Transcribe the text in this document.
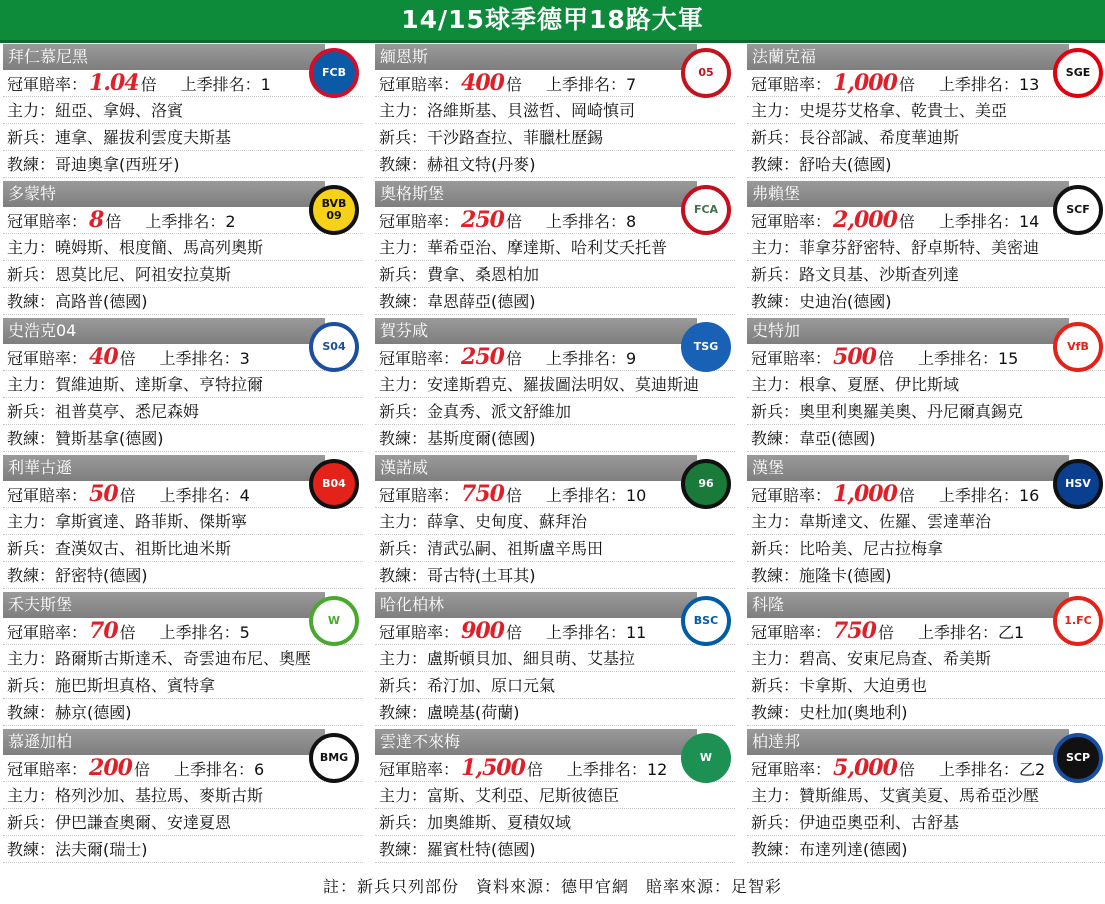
14/15球季德甲18路大軍
拜仁慕尼黑
冠軍賠率：1.04 倍 上季排名：1
主力：紐亞、拿姆、洛賓
新兵：連拿、羅拔利雲度夫斯基
教練：哥迪奧拿(西班牙)
FCB
多蒙特
冠軍賠率：8 倍 上季排名：2
主力：曉姆斯、根度簡、馬高列奧斯
新兵：恩莫比尼、阿祖安拉莫斯
教練：高路普(德國)
BVB 09
史浩克04
冠軍賠率：40 倍 上季排名：3
主力：賀維迪斯、達斯拿、亨特拉爾
新兵：祖普莫亭、悉尼森姆
教練：贊斯基拿(德國)
S04
利華古遜
冠軍賠率：50 倍 上季排名：4
主力：拿斯賓達、路菲斯、傑斯寧
新兵：查漢奴古、祖斯比迪米斯
教練：舒密特(德國)
B04
禾夫斯堡
冠軍賠率：70 倍 上季排名：5
主力：路爾斯古斯達禾、奇雲迪布尼、奧壓
新兵：施巴斯坦真格、賓特拿
教練：赫京(德國)
W
慕遜加柏
冠軍賠率：200 倍 上季排名：6
主力：格列沙加、基拉馬、麥斯古斯
新兵：伊巴謙查奧爾、安達夏恩
教練：法夫爾(瑞士)
BMG
緬恩斯
冠軍賠率：400 倍 上季排名：7
主力：洛維斯基、貝滋哲、岡崎慎司
新兵：干沙路查拉、菲臘杜歷錫
教練：赫祖文特(丹麥)
05
奧格斯堡
冠軍賠率：250 倍 上季排名：8
主力：華希亞治、摩達斯、哈利艾夭托普
新兵：費拿、桑恩柏加
教練：韋恩薛亞(德國)
FCA
賀芬咸
冠軍賠率：250 倍 上季排名：9
主力：安達斯碧克、羅拔圖法明奴、莫迪斯迪
新兵：金真秀、派文舒維加
教練：基斯度爾(德國)
TSG
漢諾威
冠軍賠率：750 倍 上季排名：10
主力：薛拿、史甸度、蘇拜治
新兵：清武弘嗣、祖斯盧辛馬田
教練：哥古特(土耳其)
96
哈化柏林
冠軍賠率：900 倍 上季排名：11
主力：盧斯頓貝加、細貝萌、艾基拉
新兵：希汀加、原口元氣
教練：盧曉基(荷蘭)
BSC
雲達不來梅
冠軍賠率：1,500 倍 上季排名：12
主力：富斯、艾利亞、尼斯彼德臣
新兵：加奧維斯、夏積奴域
教練：羅賓杜特(德國)
W
法蘭克福
冠軍賠率：1,000 倍 上季排名：13
主力：史堤芬艾格拿、乾貴士、美亞
新兵：長谷部誠、希度華迪斯
教練：舒哈夫(德國)
SGE
弗賴堡
冠軍賠率：2,000 倍 上季排名：14
主力：菲拿芬舒密特、舒卓斯特、美密迪
新兵：路文貝基、沙斯查列達
教練：史迪治(德國)
SCF
史特加
冠軍賠率：500 倍 上季排名：15
主力：根拿、夏歷、伊比斯域
新兵：奧里利奧羅美奧、丹尼爾真錫克
教練：韋亞(德國)
VfB
漢堡
冠軍賠率：1,000 倍 上季排名：16
主力：韋斯達文、佐羅、雲達華治
新兵：比哈美、尼古拉梅拿
教練：施隆卡(德國)
HSV
科隆
冠軍賠率：750 倍 上季排名：乙1
主力：碧高、安東尼烏查、希美斯
新兵：卡拿斯、大迫勇也
教練：史杜加(奧地利)
1.FC
柏達邦
冠軍賠率：5,000 倍 上季排名：乙2
主力：贊斯維馬、艾賓美夏、馬希亞沙壓
新兵：伊迪亞奧亞利、古舒基
教練：布達列達(德國)
SCP
註：新兵只列部份　資料來源：德甲官網　賠率來源：足智彩
